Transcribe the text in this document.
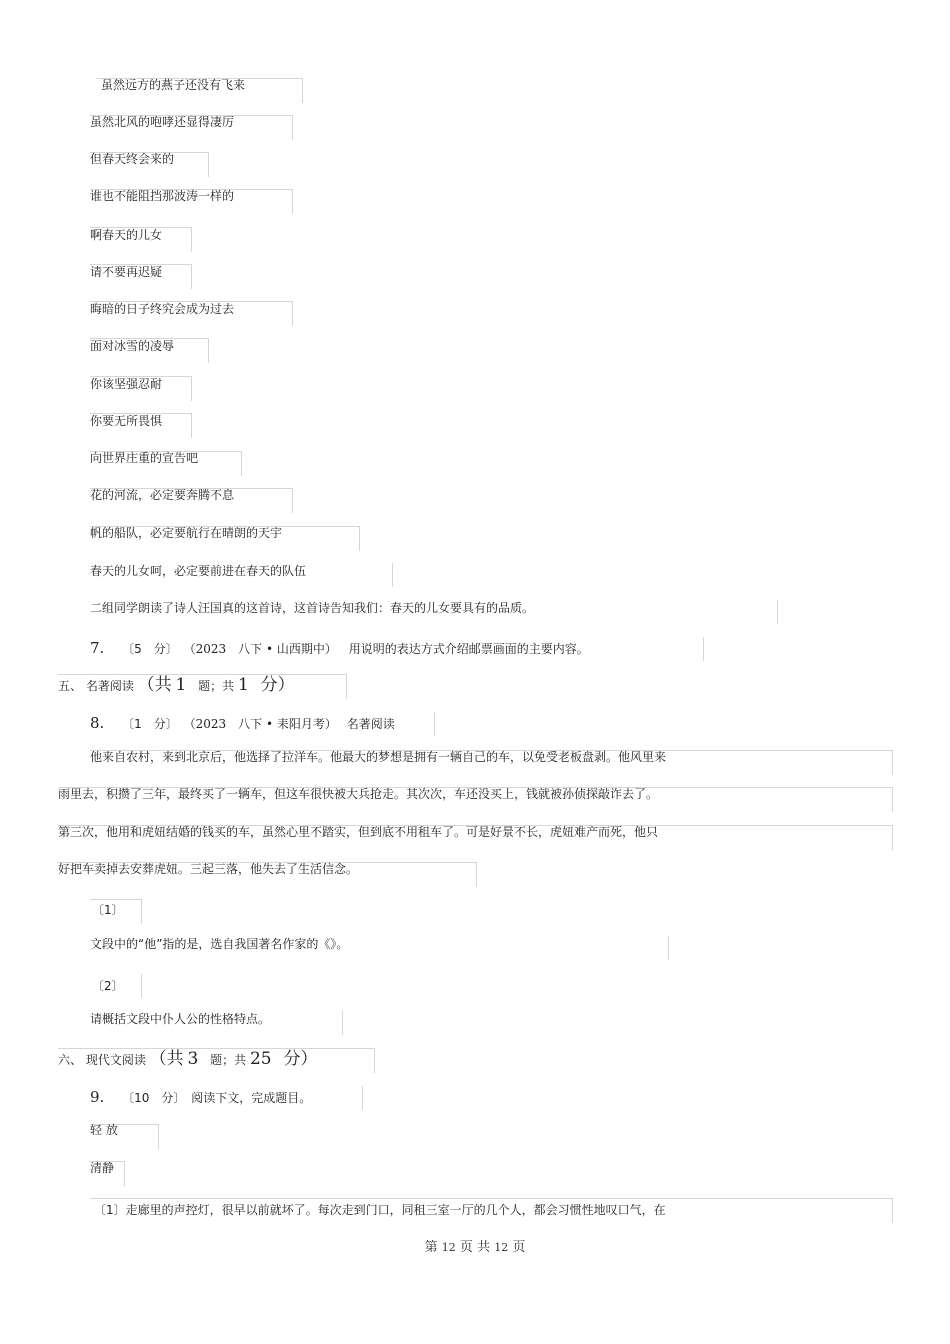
虽然远方的燕子还没有飞来
虽然北风的咆哮还显得凄厉
但春天终会来的
谁也不能阻挡那波涛一样的
啊春天的儿女
请不要再迟疑
晦暗的日子终究会成为过去
面对冰雪的凌辱
你该坚强忍耐
你要无所畏惧
向世界庄重的宣告吧
花的河流，必定要奔腾不息
帆的船队，必定要航行在晴朗的天宇
春天的儿女呵，必定要前进在春天的队伍
二组同学朗读了诗人汪国真的这首诗，这首诗告知我们：春天的儿女要具有的品质。
7. 〔5　分〕 （2023　八下 • 山西期中） 用说明的表达方式介绍邮票画面的主要内容。
五、 名著阅读 （共 1 题；共 1 分）
8. 〔1　分〕 （2023　八下 • 耒阳月考） 名著阅读
他来自农村，来到北京后，他选择了拉洋车。他最大的梦想是拥有一辆自己的车，以免受老板盘剥。他风里来
雨里去，积攒了三年，最终买了一辆车，但这车很快被大兵抢走。其次次，车还没买上，钱就被孙侦探敲诈去了。
第三次，他用和虎妞结婚的钱买的车，虽然心里不踏实，但到底不用租车了。可是好景不长，虎妞难产而死，他只
好把车卖掉去安葬虎妞。三起三落，他失去了生活信念。
〔1〕
文段中的“他”指的是，选自我国著名作家的《》。
〔2〕
请概括文段中仆人公的性格特点。
六、 现代文阅读 （共 3 题；共 25 分）
9. 〔10　分〕 阅读下文，完成题目。
轻 放
清静
〔1〕走廊里的声控灯，很早以前就坏了。每次走到门口，同租三室一厅的几个人，都会习惯性地叹口气，在
第 12 页 共 12 页
